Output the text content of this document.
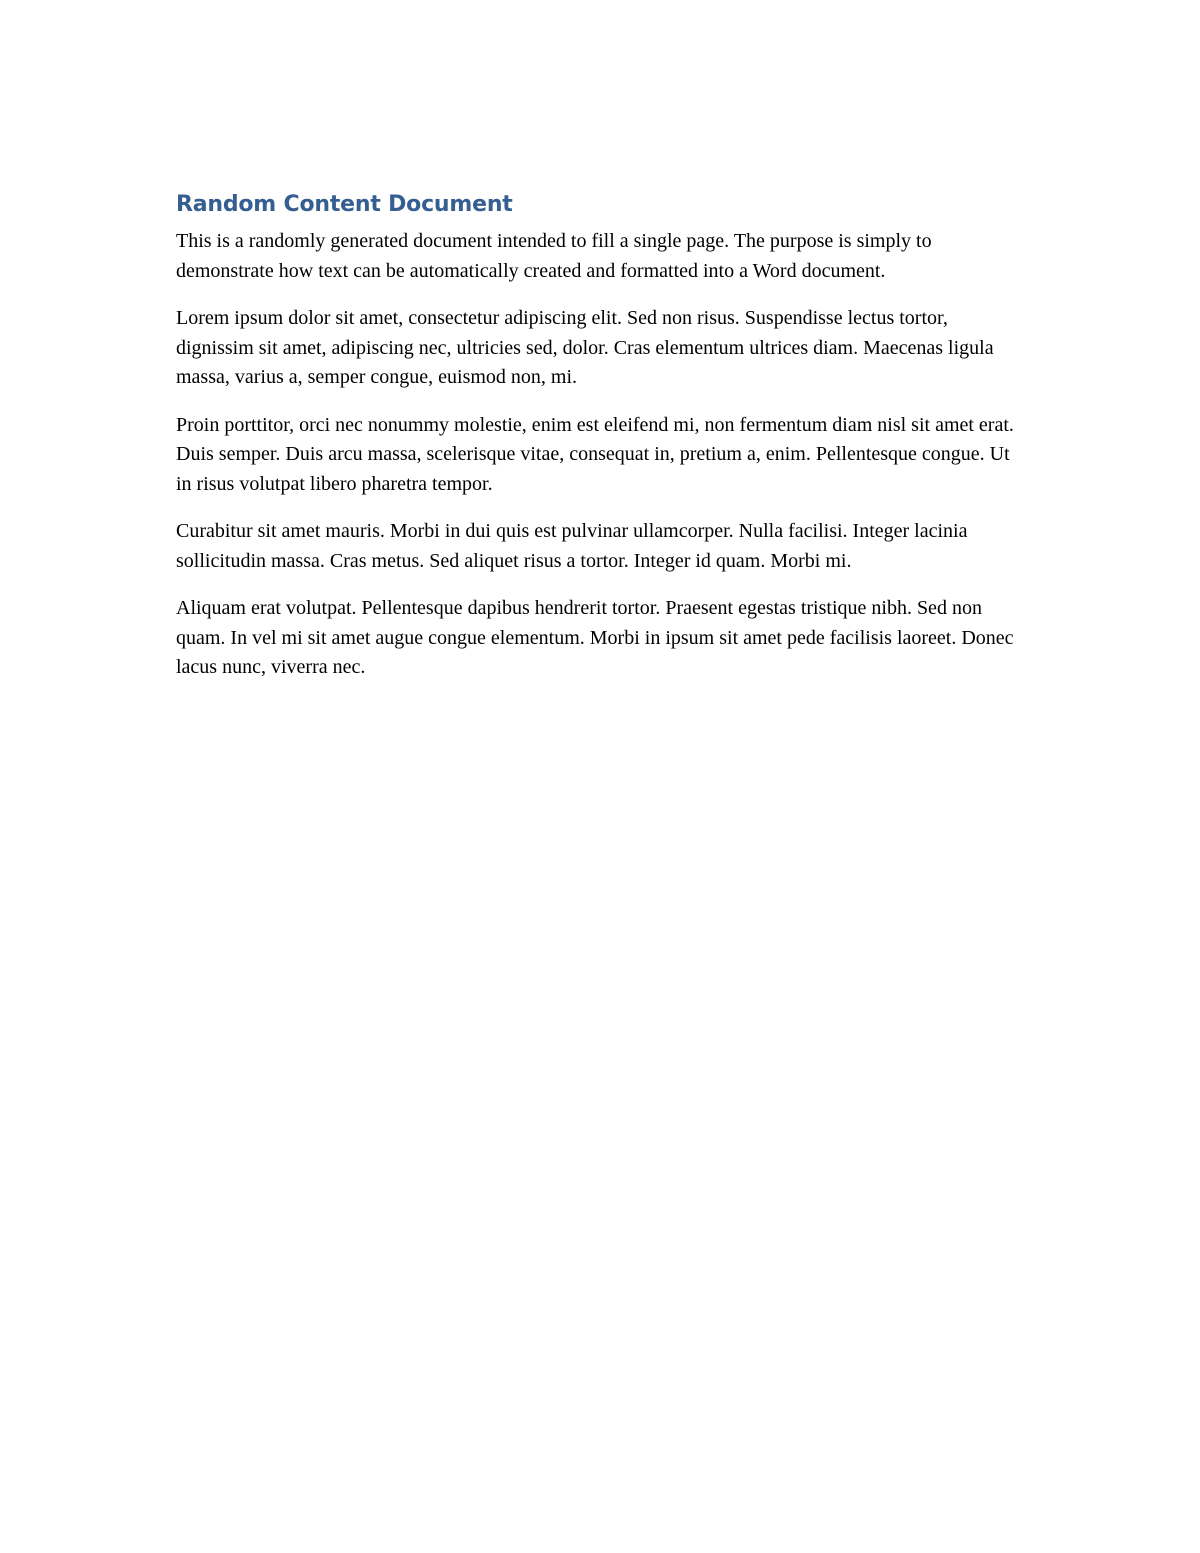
Random Content Document

This is a randomly generated document intended to fill a single page. The purpose is simply to demonstrate how text can be automatically created and formatted into a Word document.

Lorem ipsum dolor sit amet, consectetur adipiscing elit. Sed non risus. Suspendisse lectus tortor, dignissim sit amet, adipiscing nec, ultricies sed, dolor. Cras elementum ultrices diam. Maecenas ligula massa, varius a, semper congue, euismod non, mi.

Proin porttitor, orci nec nonummy molestie, enim est eleifend mi, non fermentum diam nisl sit amet erat. Duis semper. Duis arcu massa, scelerisque vitae, consequat in, pretium a, enim. Pellentesque congue. Ut in risus volutpat libero pharetra tempor.

Curabitur sit amet mauris. Morbi in dui quis est pulvinar ullamcorper. Nulla facilisi. Integer lacinia sollicitudin massa. Cras metus. Sed aliquet risus a tortor. Integer id quam. Morbi mi.

Aliquam erat volutpat. Pellentesque dapibus hendrerit tortor. Praesent egestas tristique nibh. Sed non quam. In vel mi sit amet augue congue elementum. Morbi in ipsum sit amet pede facilisis laoreet. Donec lacus nunc, viverra nec.
